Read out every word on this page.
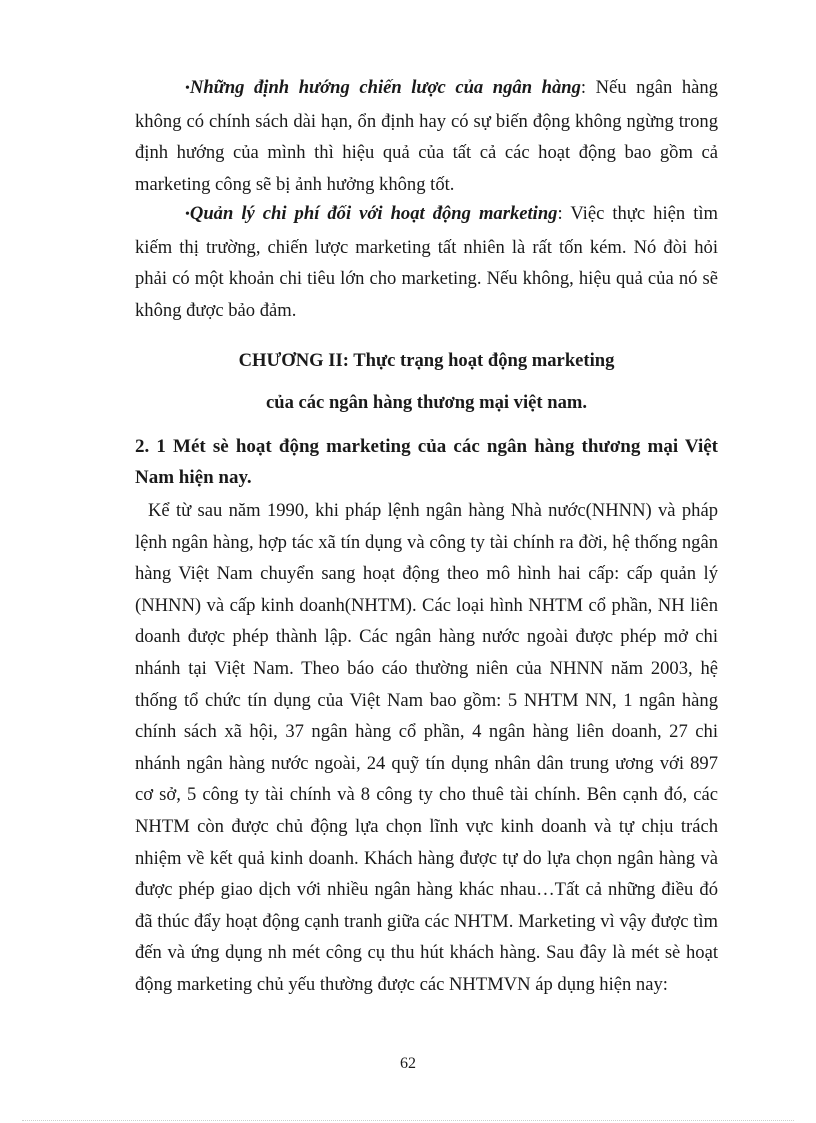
•Những định hướng chiến lược của ngân hàng: Nếu ngân hàng không có chính sách dài hạn, ổn định hay có sự biến động không ngừng trong định hướng của mình thì hiệu quả của tất cả các hoạt động bao gồm cả marketing công sẽ bị ảnh hưởng không tốt.
•Quản lý chi phí đối với hoạt động marketing: Việc thực hiện tìm kiếm thị trường, chiến lược marketing tất nhiên là rất tốn kém. Nó đòi hỏi phải có một khoản chi tiêu lớn cho marketing. Nếu không, hiệu quả của nó sẽ không được bảo đảm.
CHƯƠNG II: Thực trạng hoạt động marketing
của các ngân hàng thương mại việt nam.
2. 1 Mét sè hoạt động marketing của các ngân hàng thương mại Việt Nam hiện nay.
Kể từ sau năm 1990, khi pháp lệnh ngân hàng Nhà nước(NHNN) và pháp lệnh ngân hàng, hợp tác xã tín dụng và công ty tài chính ra đời, hệ thống ngân hàng Việt Nam chuyển sang hoạt động theo mô hình hai cấp: cấp quản lý (NHNN) và cấp kinh doanh(NHTM). Các loại hình NHTM cổ phần, NH liên doanh được phép thành lập. Các ngân hàng nước ngoài được phép mở chi nhánh tại Việt Nam. Theo báo cáo thường niên của NHNN năm 2003, hệ thống tổ chức tín dụng của Việt Nam bao gồm: 5 NHTM NN, 1 ngân hàng chính sách xã hội, 37 ngân hàng cổ phần, 4 ngân hàng liên doanh, 27 chi nhánh ngân hàng nước ngoài, 24 quỹ tín dụng nhân dân trung ương với 897 cơ sở, 5 công ty tài chính và 8 công ty cho thuê tài chính. Bên cạnh đó, các NHTM còn được chủ động lựa chọn lĩnh vực kinh doanh và tự chịu trách nhiệm về kết quả kinh doanh. Khách hàng được tự do lựa chọn ngân hàng và được phép giao dịch với nhiều ngân hàng khác nhau…Tất cả những điều đó đã thúc đẩy hoạt động cạnh tranh giữa các NHTM. Marketing vì vậy được tìm đến và ứng dụng nh mét công cụ thu hút khách hàng. Sau đây là mét sè hoạt động marketing chủ yếu thường được các NHTMVN áp dụng hiện nay:
62
